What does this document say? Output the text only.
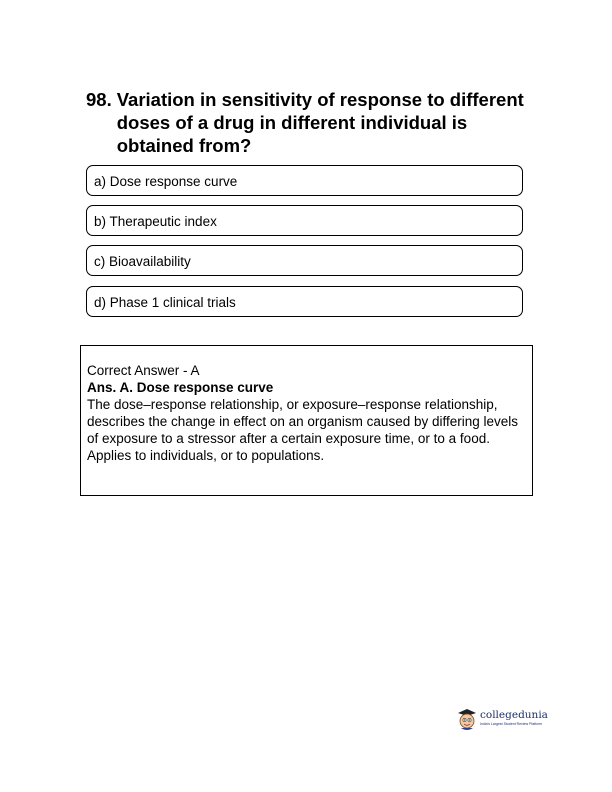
98. Variation in sensitivity of response to different doses of a drug in different individual is obtained from?
a) Dose response curve
b) Therapeutic index
c) Bioavailability
d) Phase 1 clinical trials
Correct Answer - A
Ans. A. Dose response curve
The dose–response relationship, or exposure–response relationship, describes the change in effect on an organism caused by differing levels of exposure to a stressor after a certain exposure time, or to a food.
Applies to individuals, or to populations.
collegedunia
India's Largest Student Review Platform
